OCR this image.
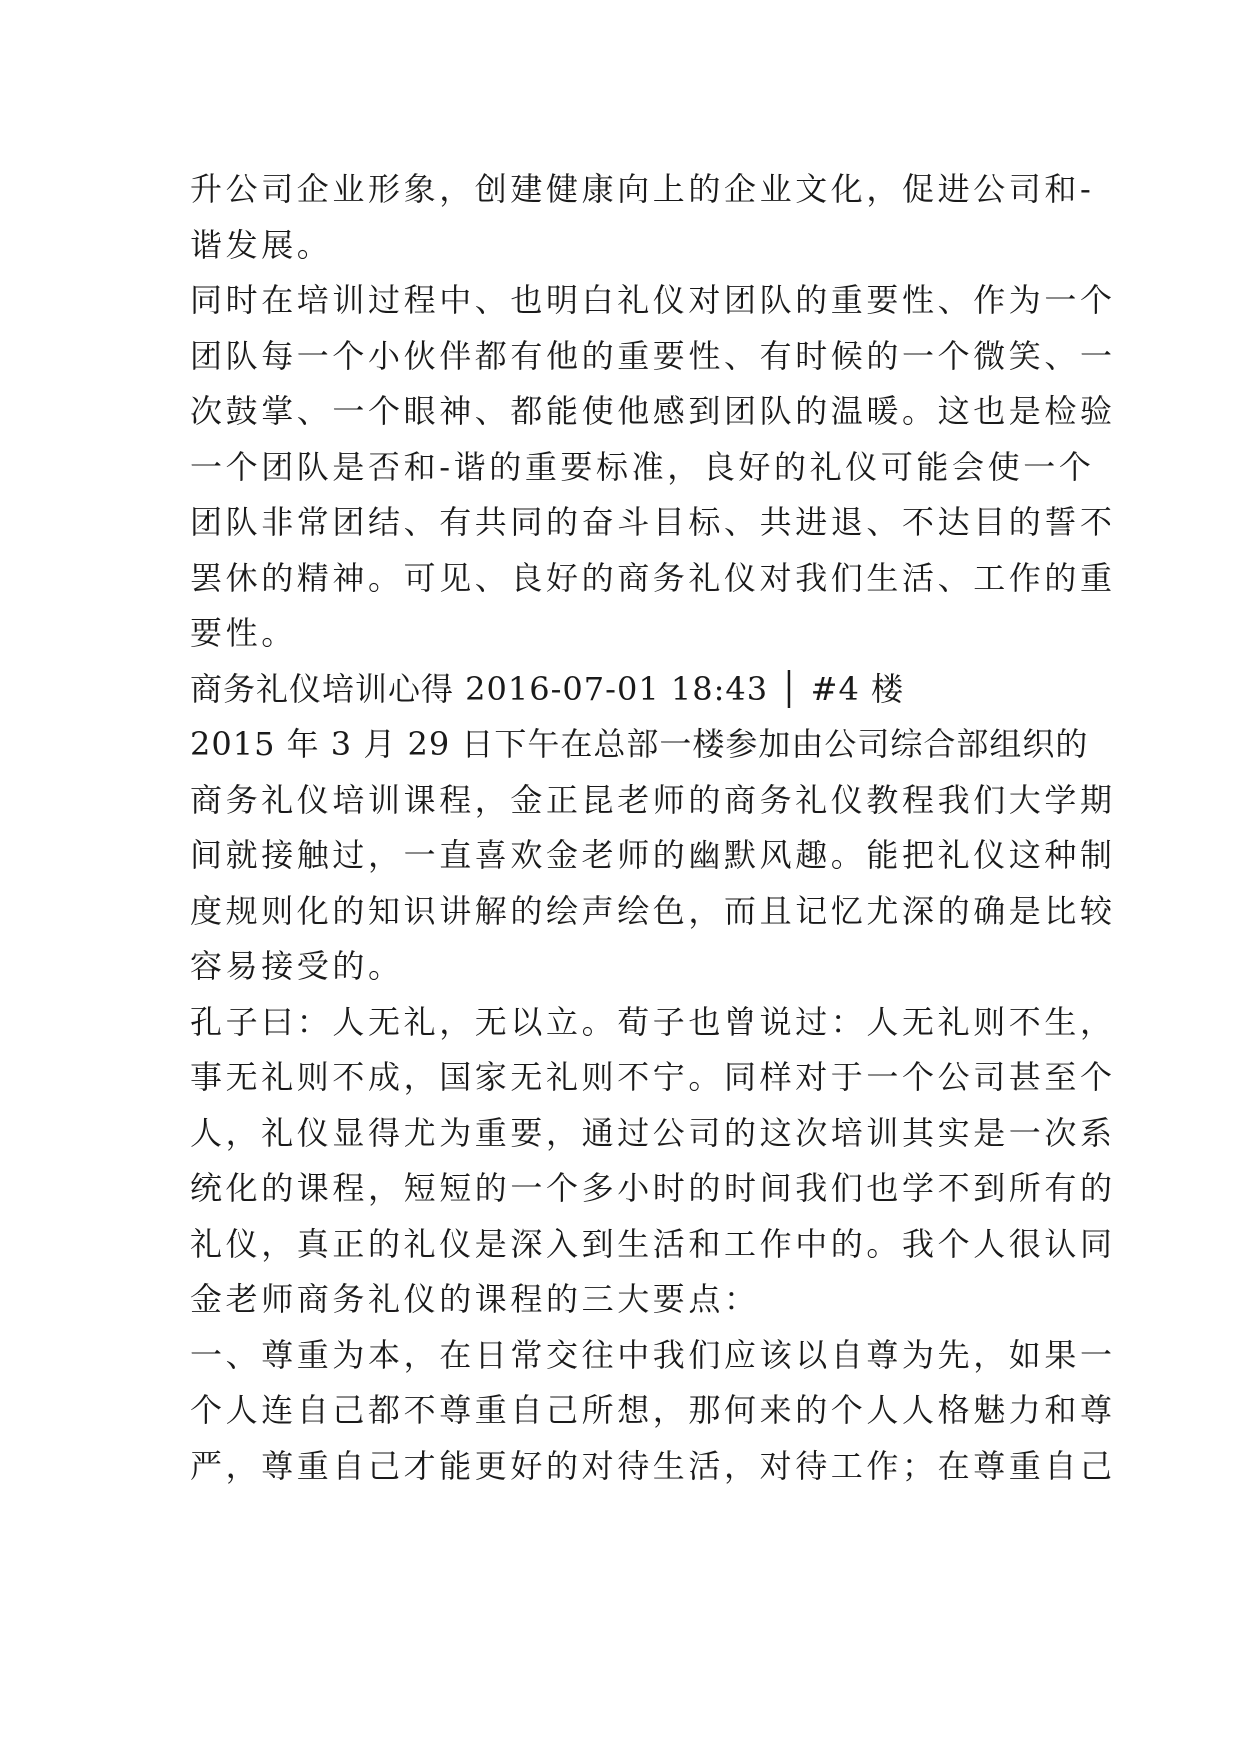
升公司企业形象，创建健康向上的企业文化，促进公司和-
谐发展。
同时在培训过程中、也明白礼仪对团队的重要性、作为一个
团队每一个小伙伴都有他的重要性、有时候的一个微笑、一
次鼓掌、一个眼神、都能使他感到团队的温暖。这也是检验
一个团队是否和-谐的重要标准，良好的礼仪可能会使一个
团队非常团结、有共同的奋斗目标、共进退、不达目的誓不
罢休的精神。可见、良好的商务礼仪对我们生活、工作的重
要性。
商务礼仪培训心得 2016-07-01 18:43 │ #4 楼
2015 年 3 月 29 日下午在总部一楼参加由公司综合部组织的
商务礼仪培训课程，金正昆老师的商务礼仪教程我们大学期
间就接触过，一直喜欢金老师的幽默风趣。能把礼仪这种制
度规则化的知识讲解的绘声绘色，而且记忆尤深的确是比较
容易接受的。
孔子曰：人无礼，无以立。荀子也曾说过：人无礼则不生，
事无礼则不成，国家无礼则不宁。同样对于一个公司甚至个
人，礼仪显得尤为重要，通过公司的这次培训其实是一次系
统化的课程，短短的一个多小时的时间我们也学不到所有的
礼仪，真正的礼仪是深入到生活和工作中的。我个人很认同
金老师商务礼仪的课程的三大要点：
一、尊重为本，在日常交往中我们应该以自尊为先，如果一
个人连自己都不尊重自己所想，那何来的个人人格魅力和尊
严，尊重自己才能更好的对待生活，对待工作；在尊重自己
